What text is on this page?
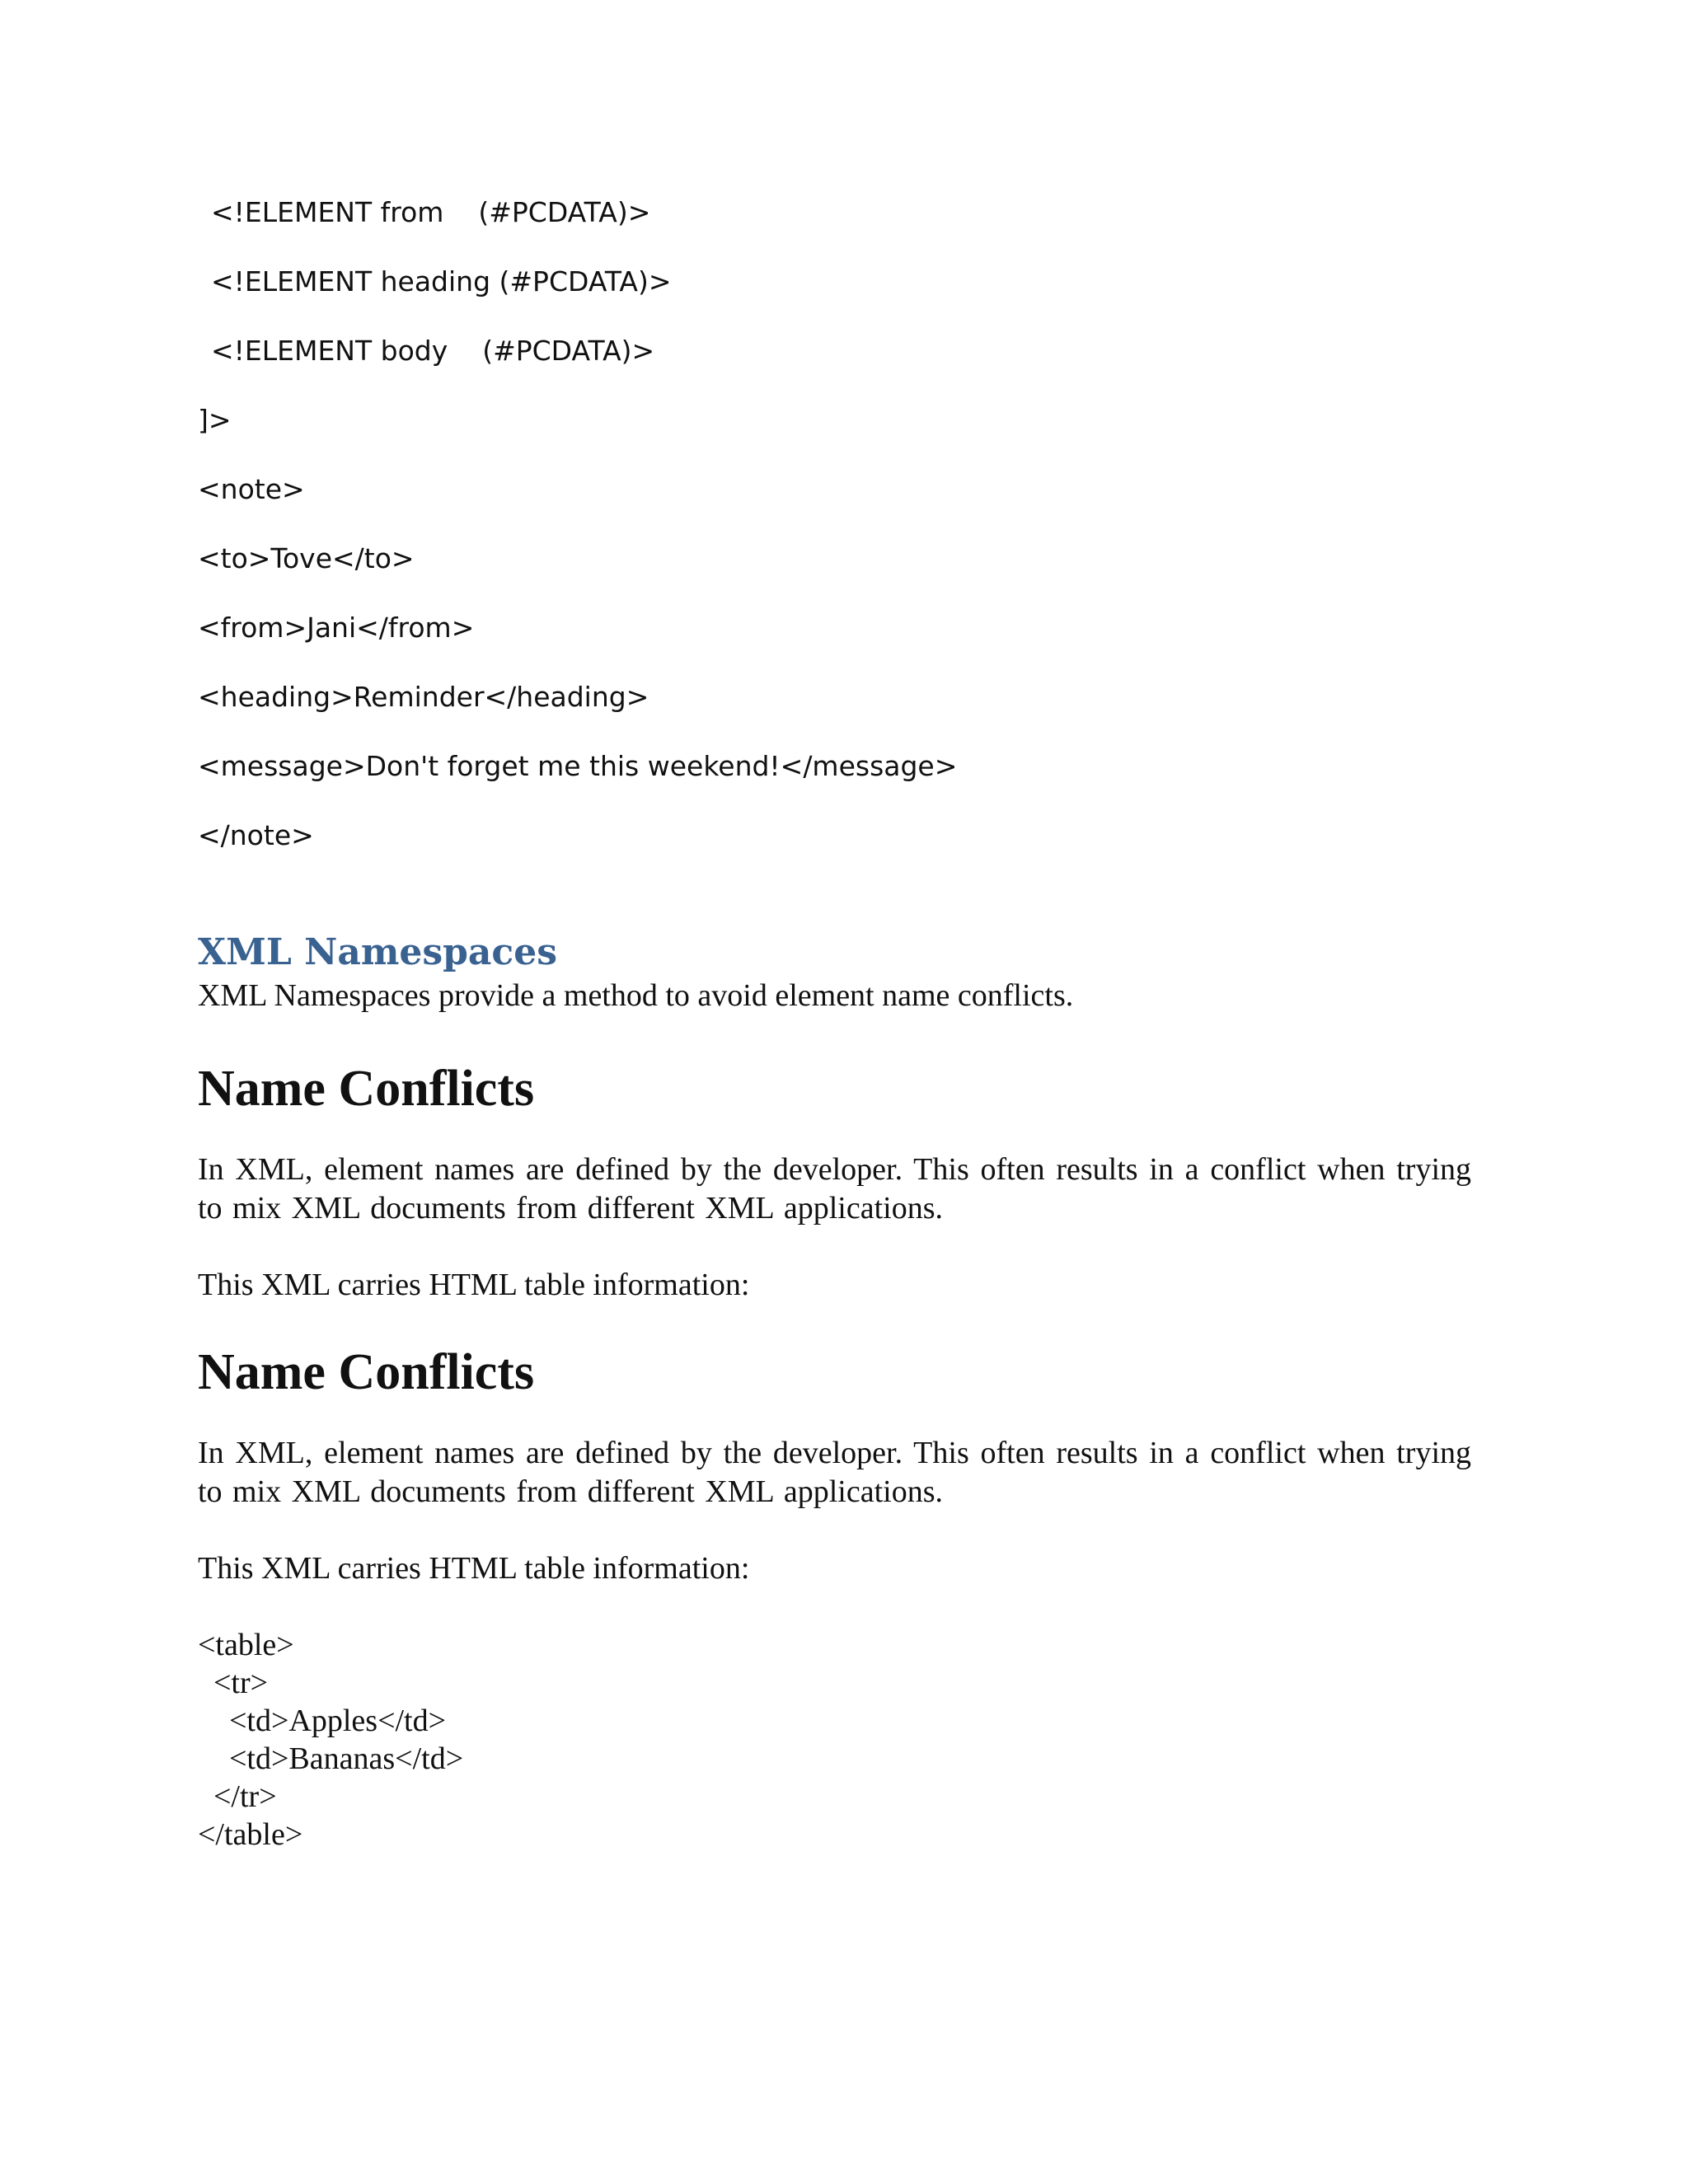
<!ELEMENT from    (#PCDATA)>

<!ELEMENT heading (#PCDATA)>

<!ELEMENT body    (#PCDATA)>

]>

<note>

<to>Tove</to>

<from>Jani</from>

<heading>Reminder</heading>

<message>Don't forget me this weekend!</message>

</note>

XML Namespaces

XML Namespaces provide a method to avoid element name conflicts.

Name Conflicts

In XML, element names are defined by the developer. This often results in a conflict when trying to mix XML documents from different XML applications.

This XML carries HTML table information:

Name Conflicts

In XML, element names are defined by the developer. This often results in a conflict when trying to mix XML documents from different XML applications.

This XML carries HTML table information:

<table>
<tr>
<td>Apples</td>
<td>Bananas</td>
</tr>
</table>
